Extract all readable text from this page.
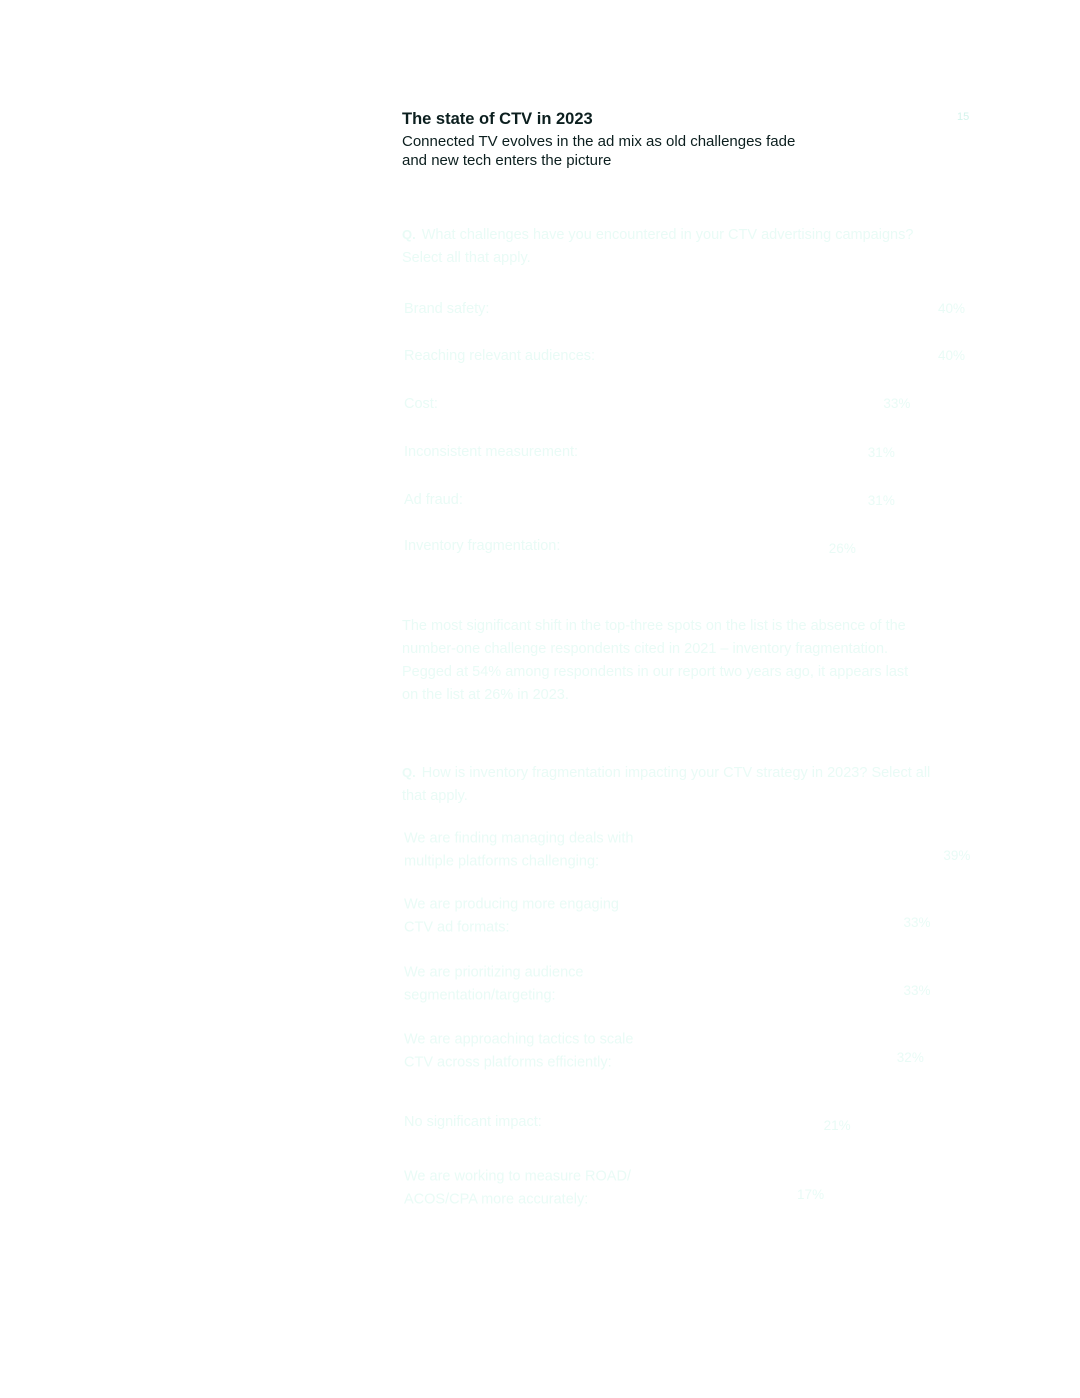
DIGIDAY | mntn	The state of CTV in 2023
Connected TV evolves in the ad mix as old challenges fade
and new tech enters the picture
15
Q. What challenges have you encountered in your CTV advertising campaigns?
Select all that apply.
Brand safety:	40%
Reaching relevant audiences:	40%
Cost:	33%
Inconsistent measurement:	31%
Ad fraud:	31%
Inventory fragmentation:	26%
The most significant shift in the top-three spots on the list is the absence of the
number-one challenge respondents cited in 2021 – inventory fragmentation.
Pegged at 54% among respondents in our report two years ago, it appears last
on the list at 26% in 2023.
Q. How is inventory fragmentation impacting your CTV strategy in 2023? Select all
that apply.
We are finding managing deals with multiple platforms challenging:	39%
We are producing more engaging CTV ad formats:	33%
We are prioritizing audience segmentation/targeting:	33%
We are approaching tactics to scale CTV across platforms efficiently:	32%
No significant impact:	21%
We are working to measure ROAD/ ACOS/CPA more accurately:	17%
mntn
大数跨境
